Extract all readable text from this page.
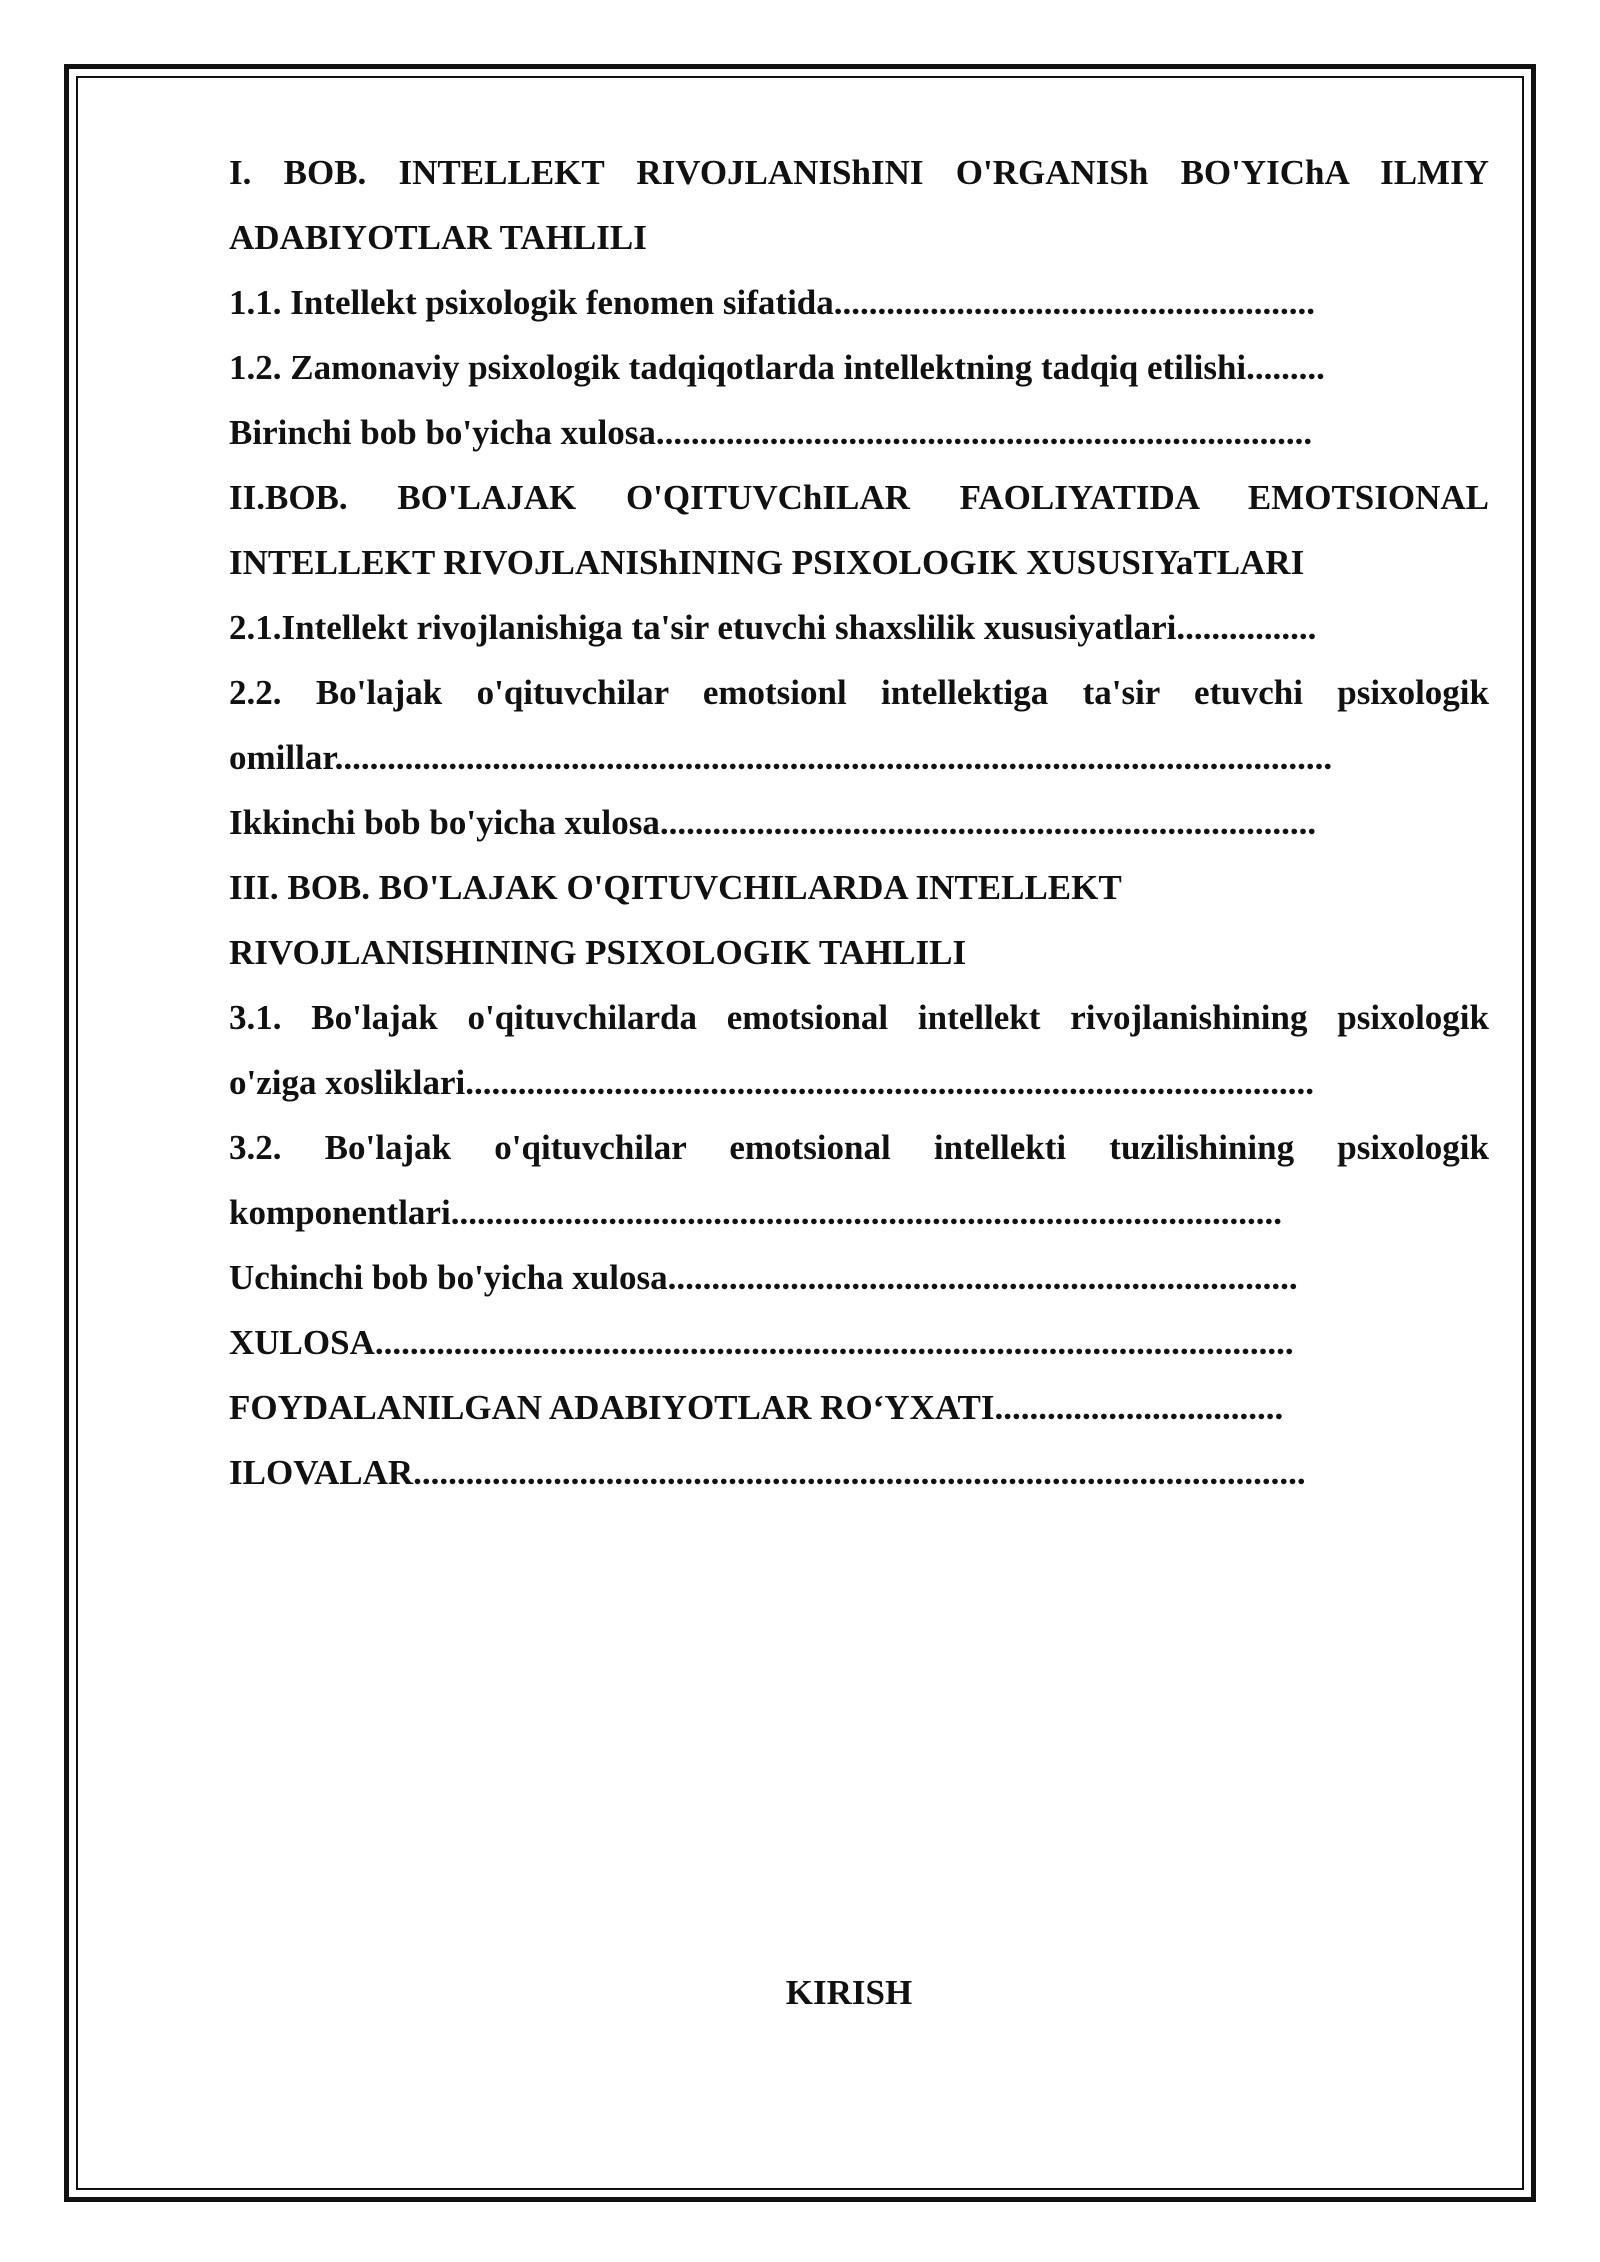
I. BOB. INTELLEKT RIVOJLANIShINI O'RGANISh BO'YIChA ILMIY

ADABIYOTLAR TAHLILI

1.1. Intellekt psixologik fenomen sifatida.......................................................

1.2. Zamonaviy psixologik tadqiqotlarda intellektning tadqiq etilishi.........

Birinchi bob bo'yicha xulosa...........................................................................

II.BOB. BO'LAJAK O'QITUVChILAR FAOLIYATIDA EMOTSIONAL

INTELLEKT RIVOJLANIShINING PSIXOLOGIK XUSUSIYaTLARI

2.1.Intellekt rivojlanishiga ta'sir etuvchi shaxslilik xususiyatlari................

2.2. Bo'lajak o'qituvchilar emotsionl intellektiga ta'sir etuvchi psixologik

omillar..................................................................................................................

Ikkinchi bob bo'yicha xulosa...........................................................................

III. BOB. BO'LAJAK O'QITUVCHILARDA INTELLEKT

RIVOJLANISHINING PSIXOLOGIK TAHLILI

3.1. Bo'lajak o'qituvchilarda emotsional intellekt rivojlanishining psixologik

o'ziga xosliklari.................................................................................................

3.2. Bo'lajak o'qituvchilar emotsional intellekti tuzilishining psixologik

komponentlari...............................................................................................

Uchinchi bob bo'yicha xulosa........................................................................

XULOSA.........................................................................................................

FOYDALANILGAN ADABIYOTLAR RO‘YXATI.................................

ILOVALAR......................................................................................................

KIRISH
